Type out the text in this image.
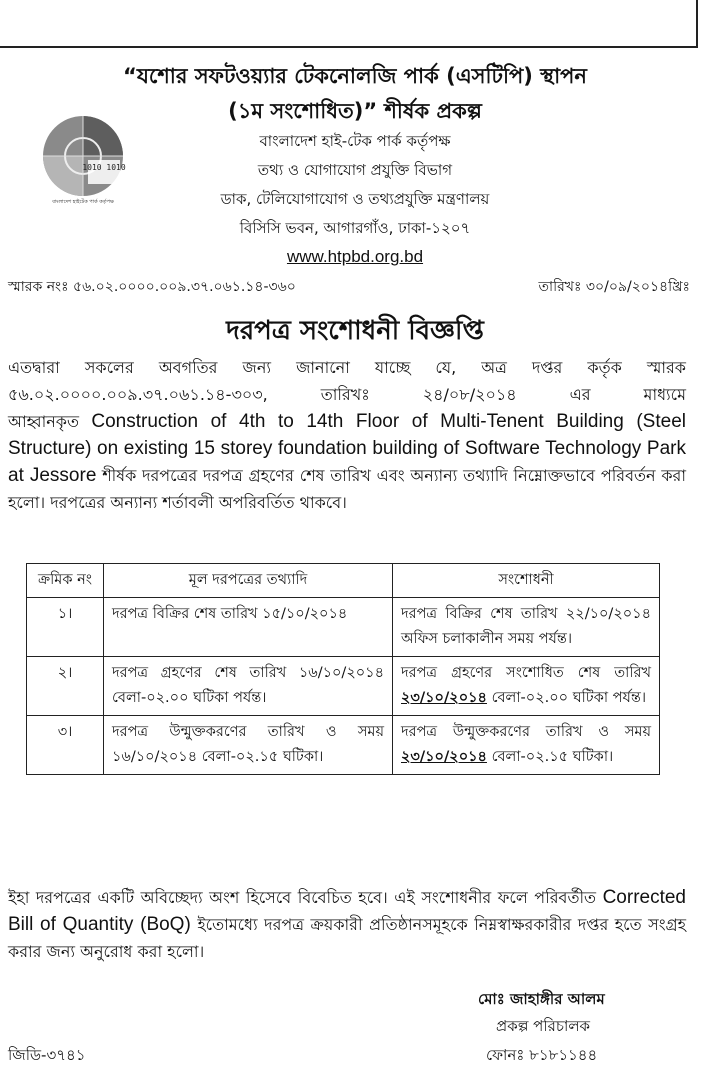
“যশোর সফটওয়্যার টেকনোলজি পার্ক (এসটিপি) স্থাপন
(১ম সংশোধিত)” শীর্ষক প্রকল্প
1010 1010
বাংলাদেশ হাইটেক পার্ক কর্তৃপক্ষ
বাংলাদেশ হাই-টেক পার্ক কর্তৃপক্ষ
তথ্য ও যোগাযোগ প্রযুক্তি বিভাগ
ডাক, টেলিযোগাযোগ ও তথ্যপ্রযুক্তি মন্ত্রণালয়
বিসিসি ভবন, আগারগাঁও, ঢাকা-১২০৭
www.htpbd.org.bd
স্মারক নংঃ ৫৬.০২.০০০০.০০৯.৩৭.০৬১.১৪-৩৬০	তারিখঃ ৩০/০৯/২০১৪খ্রিঃ
দরপত্র সংশোধনী বিজ্ঞপ্তি
এতদ্বারা সকলের অবগতির জন্য জানানো যাচ্ছে যে, অত্র দপ্তর কর্তৃক স্মারক
৫৬.০২.০০০০.০০৯.৩৭.০৬১.১৪-৩০৩, তারিখঃ ২৪/০৮/২০১৪ এর মাধ্যমে
আহ্বানকৃত Construction of 4th to 14th Floor of Multi-Tenent Building (Steel Structure) on existing 15 storey foundation building of Software Technology Park at Jessore শীর্ষক দরপত্রের দরপত্র গ্রহণের শেষ তারিখ এবং অন্যান্য তথ্যাদি নিম্নোক্তভাবে পরিবর্তন করা হলো। দরপত্রের অন্যান্য শর্তাবলী অপরিবর্তিত থাকবে।
ক্রমিক নং	মূল দরপত্রের তথ্যাদি	সংশোধনী
১।	দরপত্র বিক্রির শেষ তারিখ ১৫/১০/২০১৪	দরপত্র বিক্রির শেষ তারিখ ২২/১০/২০১৪ অফিস চলাকালীন সময় পর্যন্ত।
২।	দরপত্র গ্রহণের শেষ তারিখ ১৬/১০/২০১৪ বেলা-০২.০০ ঘটিকা পর্যন্ত।	দরপত্র গ্রহণের সংশোধিত শেষ তারিখ ২৩/১০/২০১৪ বেলা-০২.০০ ঘটিকা পর্যন্ত।
৩।	দরপত্র উন্মুক্তকরণের তারিখ ও সময় ১৬/১০/২০১৪ বেলা-০২.১৫ ঘটিকা।	দরপত্র উন্মুক্তকরণের তারিখ ও সময় ২৩/১০/২০১৪ বেলা-০২.১৫ ঘটিকা।
ইহা দরপত্রের একটি অবিচ্ছেদ্য অংশ হিসেবে বিবেচিত হবে। এই সংশোধনীর ফলে পরিবর্তীত Corrected Bill of Quantity (BoQ) ইতোমধ্যে দরপত্র ক্রয়কারী প্রতিষ্ঠানসমূহকে নিম্নস্বাক্ষরকারীর দপ্তর হতে সংগ্রহ করার জন্য অনুরোধ করা হলো।
মোঃ জাহাঙ্গীর আলম
প্রকল্প পরিচালক
ফোনঃ ৮১৮১১৪৪
জিডি-৩৭৪১
